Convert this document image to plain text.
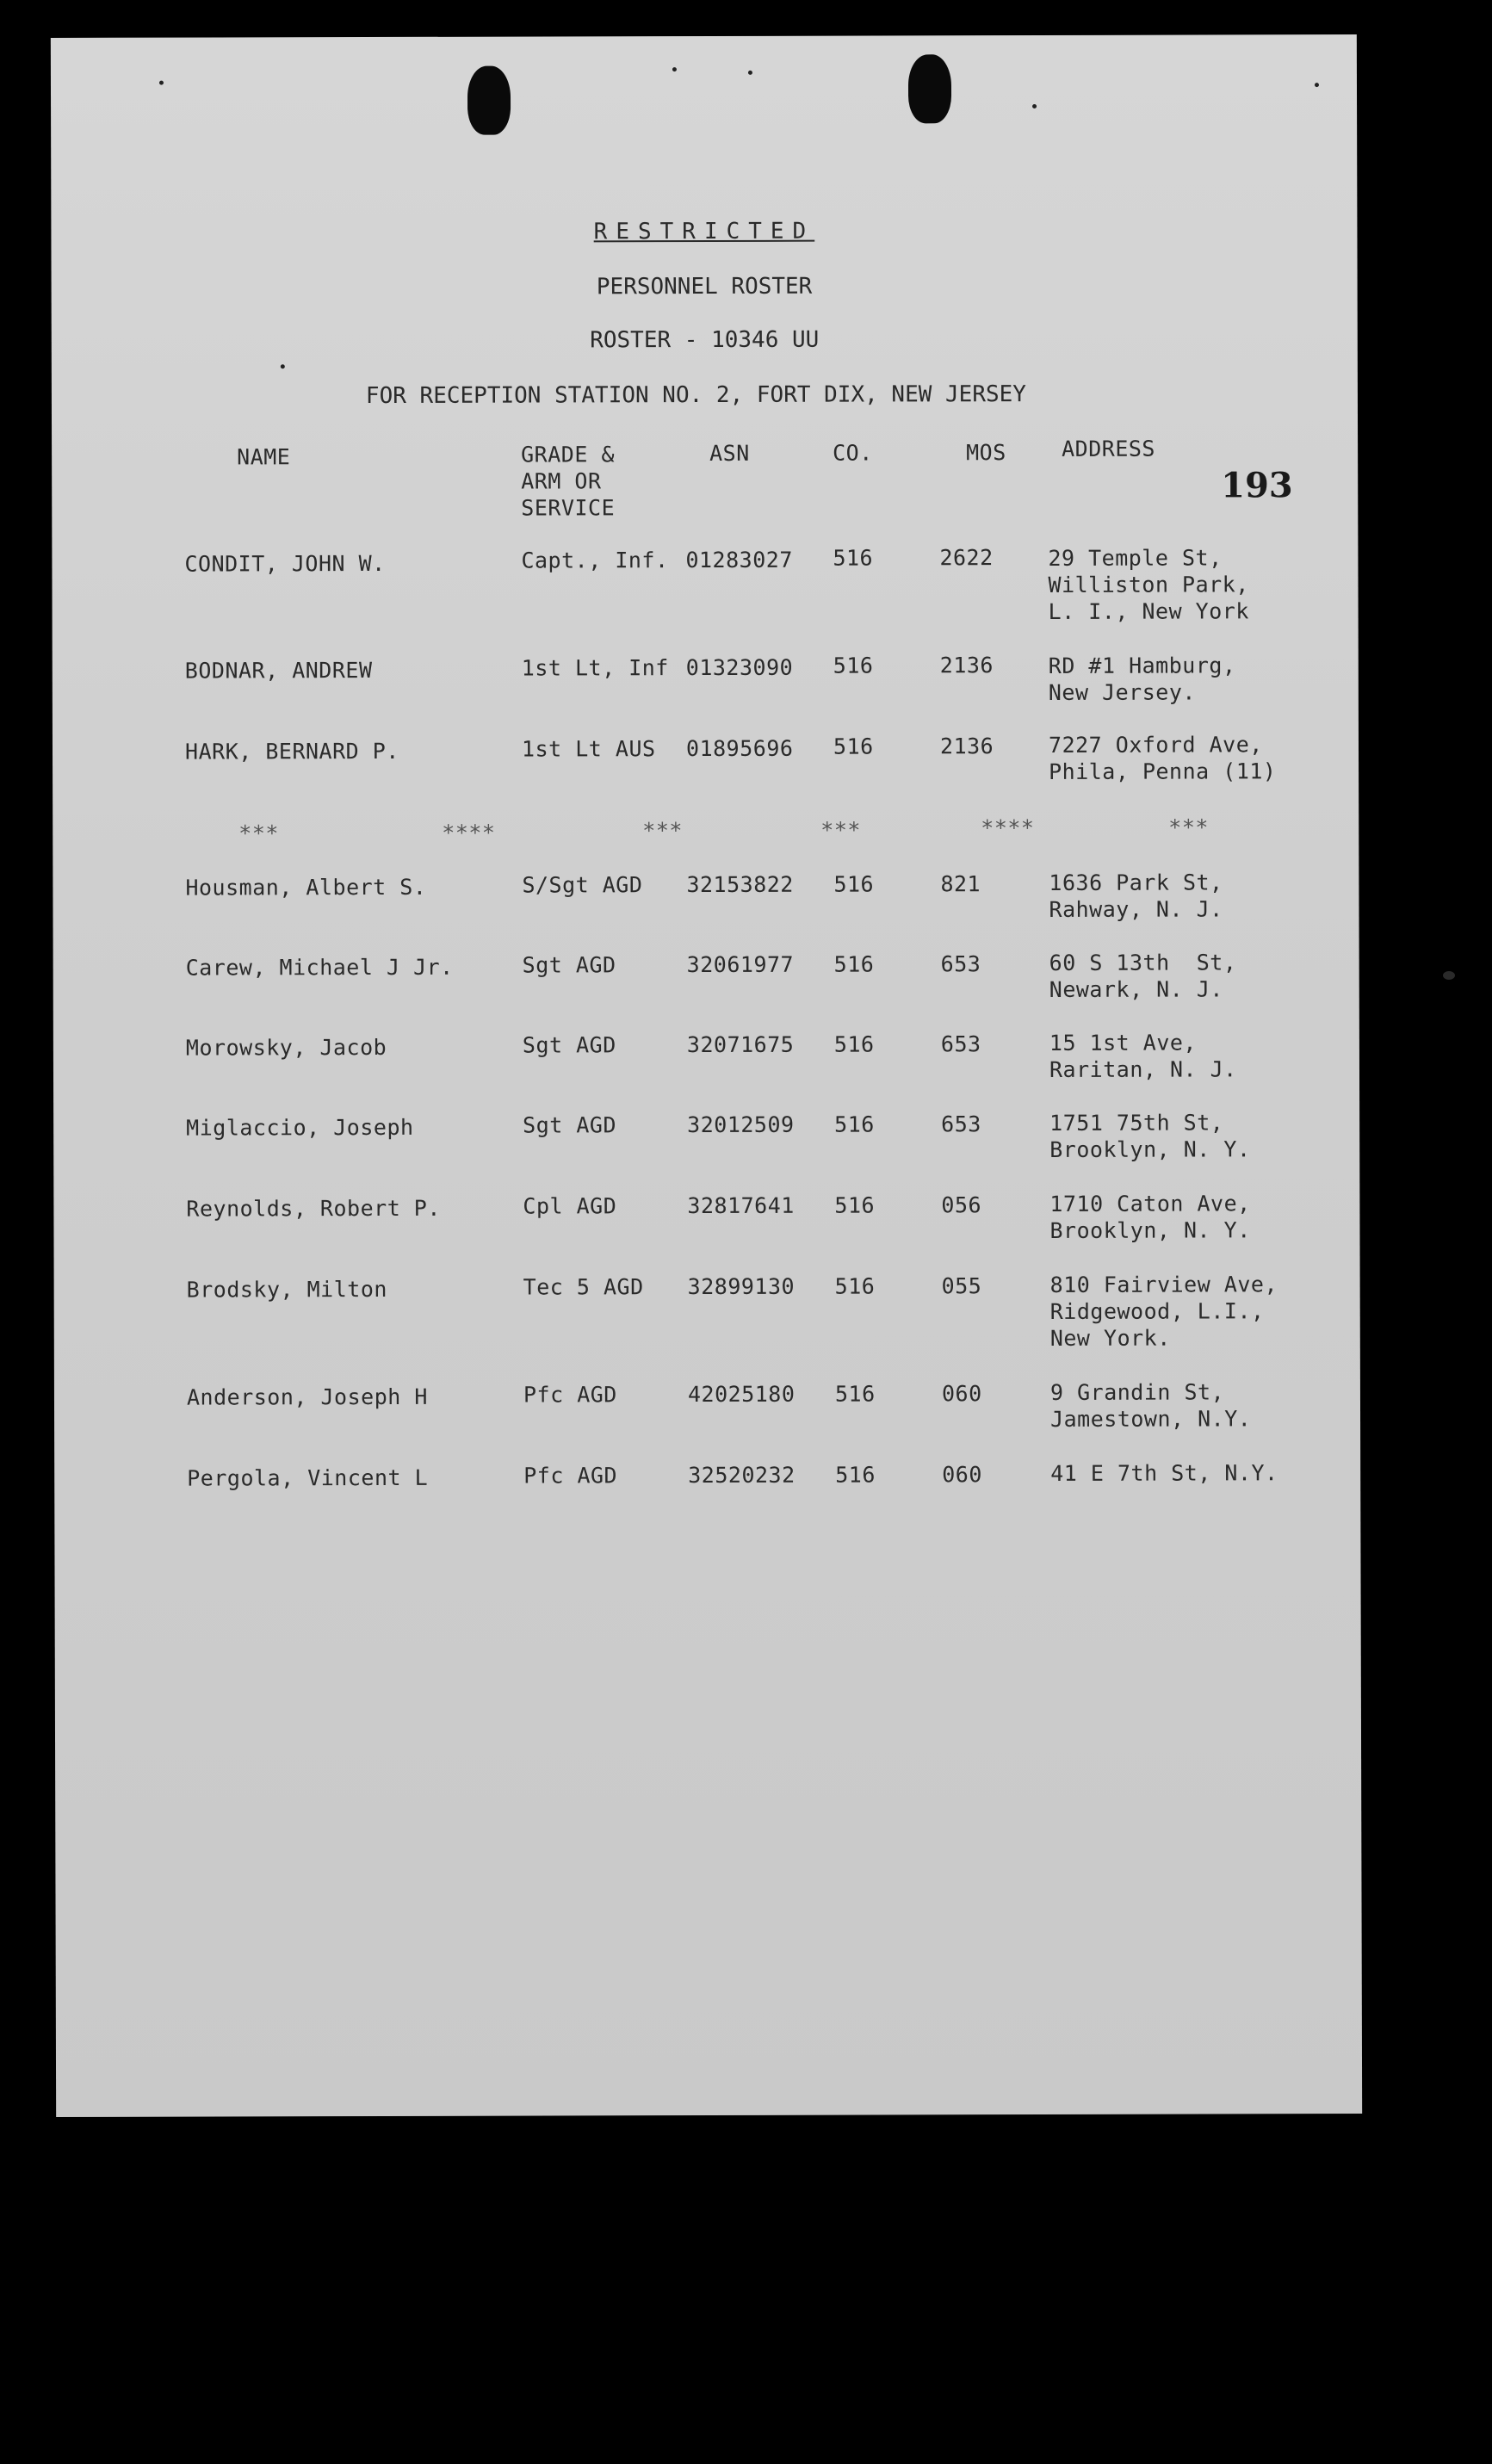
RESTRICTED
PERSONNEL ROSTER
ROSTER - 10346 UU
FOR RECEPTION STATION NO. 2, FORT DIX, NEW JERSEY
193
NAME	GRADE &
ARM OR
SERVICE
ASN	CO.	MOS	ADDRESS
CONDIT, JOHN W.	Capt., Inf. 01283027 516	2622	29 Temple St,
Williston Park,
L. I., New York
BODNAR, ANDREW	1st Lt, Inf 01323090 516	2136	RD #1 Hamburg,
New Jersey.
HARK, BERNARD P.	1st Lt AUS 01895696 516	2136	7227 Oxford Ave,
Phila, Penna (11)
***	****	***	***	****	***
Housman, Albert S.	S/Sgt AGD 32153822 516	821	1636 Park St,
Rahway, N. J.
Carew, Michael J Jr.	Sgt AGD	32061977 516	653	60 S 13th  St,
Newark, N. J.
Morowsky, Jacob	Sgt AGD	32071675 516	653	15 1st Ave,
Raritan, N. J.
Miglaccio, Joseph	Sgt AGD	32012509 516	653	1751 75th St,
Brooklyn, N. Y.
Reynolds, Robert P.	Cpl AGD	32817641 516	056	1710 Caton Ave,
Brooklyn, N. Y.
Brodsky, Milton	Tec 5 AGD 32899130 516	055	810 Fairview Ave,
Ridgewood, L.I.,
New York.
Anderson, Joseph H	Pfc AGD	42025180 516	060	9 Grandin St,
Jamestown, N.Y.
Pergola, Vincent L	Pfc AGD	32520232 516	060	41 E 7th St, N.Y.
